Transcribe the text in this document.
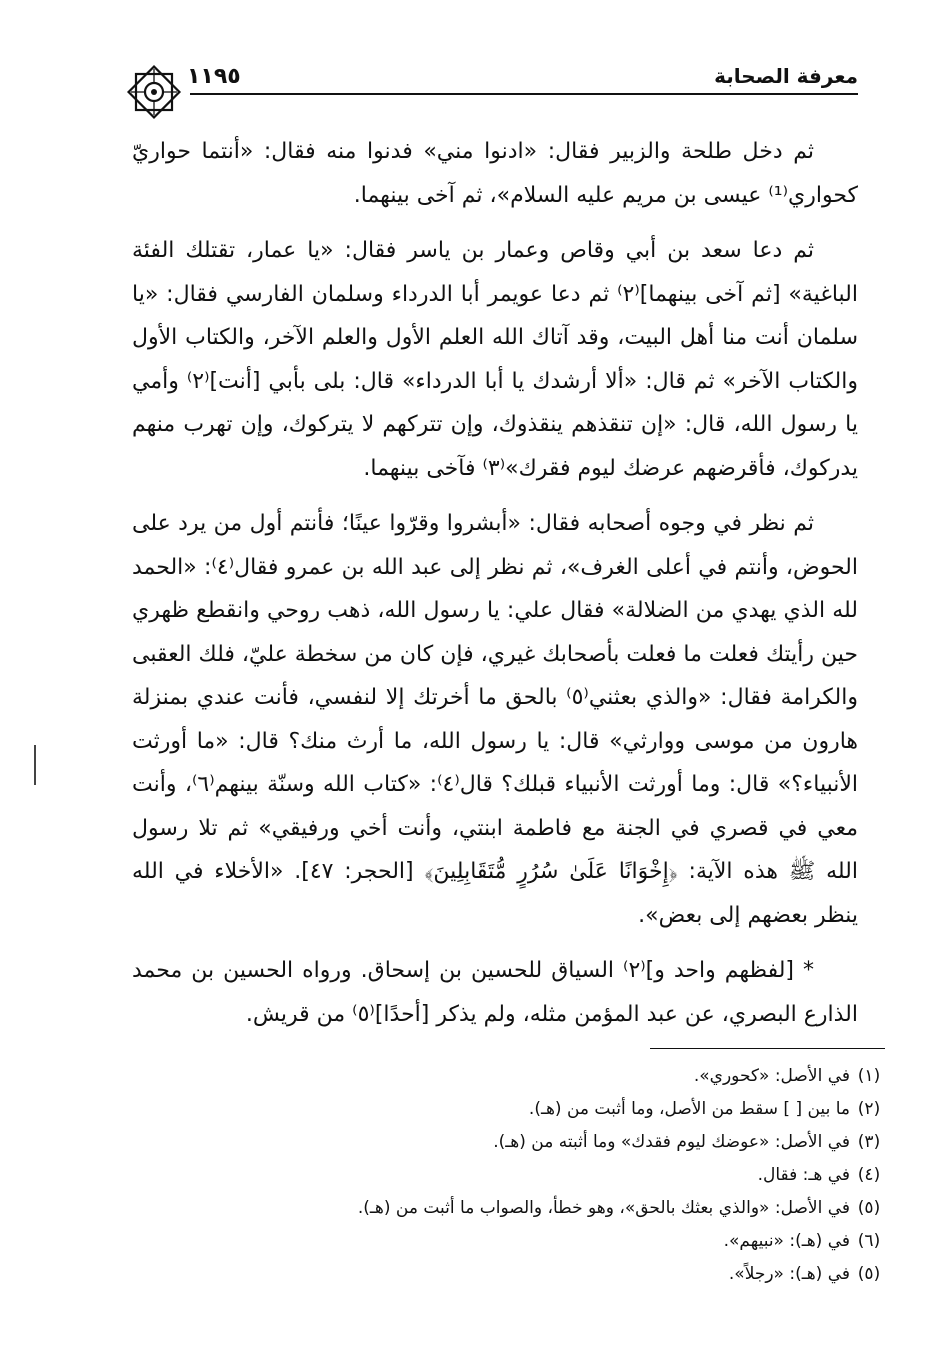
معرفة الصحابة
١١٩٥

ثم دخل طلحة والزبير فقال: «ادنوا مني» فدنوا منه فقال: «أنتما حواريّ كحواري⁽¹⁾ عيسى بن مريم عليه السلام»، ثم آخى بينهما.

ثم دعا سعد بن أبي وقاص وعمار بن ياسر فقال: «يا عمار، تقتلك الفئة الباغية» [ثم آخى بينهما]⁽٢⁾ ثم دعا عويمر أبا الدرداء وسلمان الفارسي فقال: «يا سلمان أنت منا أهل البيت، وقد آتاك الله العلم الأول والعلم الآخر، والكتاب الأول والكتاب الآخر» ثم قال: «ألا أرشدك يا أبا الدرداء» قال: بلى بأبي [أنت]⁽٢⁾ وأمي يا رسول الله، قال: «إن تنقذهم ينقذوك، وإن تتركهم لا يتركوك، وإن تهرب منهم يدركوك، فأقرضهم عرضك ليوم فقرك»⁽٣⁾ فآخى بينهما.

ثم نظر في وجوه أصحابه فقال: «أبشروا وقرّوا عينًا؛ فأنتم أول من يرد على الحوض، وأنتم في أعلى الغرف»، ثم نظر إلى عبد الله بن عمرو فقال⁽٤⁾: «الحمد لله الذي يهدي من الضلالة» فقال علي: يا رسول الله، ذهب روحي وانقطع ظهري حين رأيتك فعلت ما فعلت بأصحابك غيري، فإن كان من سخطة عليّ، فلك العقبى والكرامة فقال: «والذي بعثني⁽٥⁾ بالحق ما أخرتك إلا لنفسي، فأنت عندي بمنزلة هارون من موسى ووارثي» قال: يا رسول الله، ما أرث منك؟ قال: «ما أورثت الأنبياء؟» قال: وما أورثت الأنبياء قبلك؟ قال⁽٤⁾: «كتاب الله وسنّة بينهم⁽٦⁾، وأنت معي في قصري في الجنة مع فاطمة ابنتي، وأنت أخي ورفيقي» ثم تلا رسول الله ﷺ هذه الآية: ﴿إِخْوَانًا عَلَىٰ سُرُرٍ مُّتَقَابِلِينَ﴾ [الحجر: ٤٧]. «الأخلاء في الله ينظر بعضهم إلى بعض».

* [لفظهم واحد و]⁽٢⁾ السياق للحسين بن إسحاق. ورواه الحسين بن محمد الذارع البصري، عن عبد المؤمن مثله، ولم يذكر [أحدًا]⁽٥⁾ من قريش.

(١)في الأصل: «كحوري».
(٢)ما بين [ ] سقط من الأصل، وما أثبت من (هـ).
(٣)في الأصل: «عوضك ليوم فقدك» وما أثبته من (هـ).
(٤)في هـ: فقال.
(٥)في الأصل: «والذي بعثك بالحق»، وهو خطأ، والصواب ما أثبت من (هـ).
(٦)في (هـ): «نبيهم».
(٥)في (هـ): «رجلاً».
